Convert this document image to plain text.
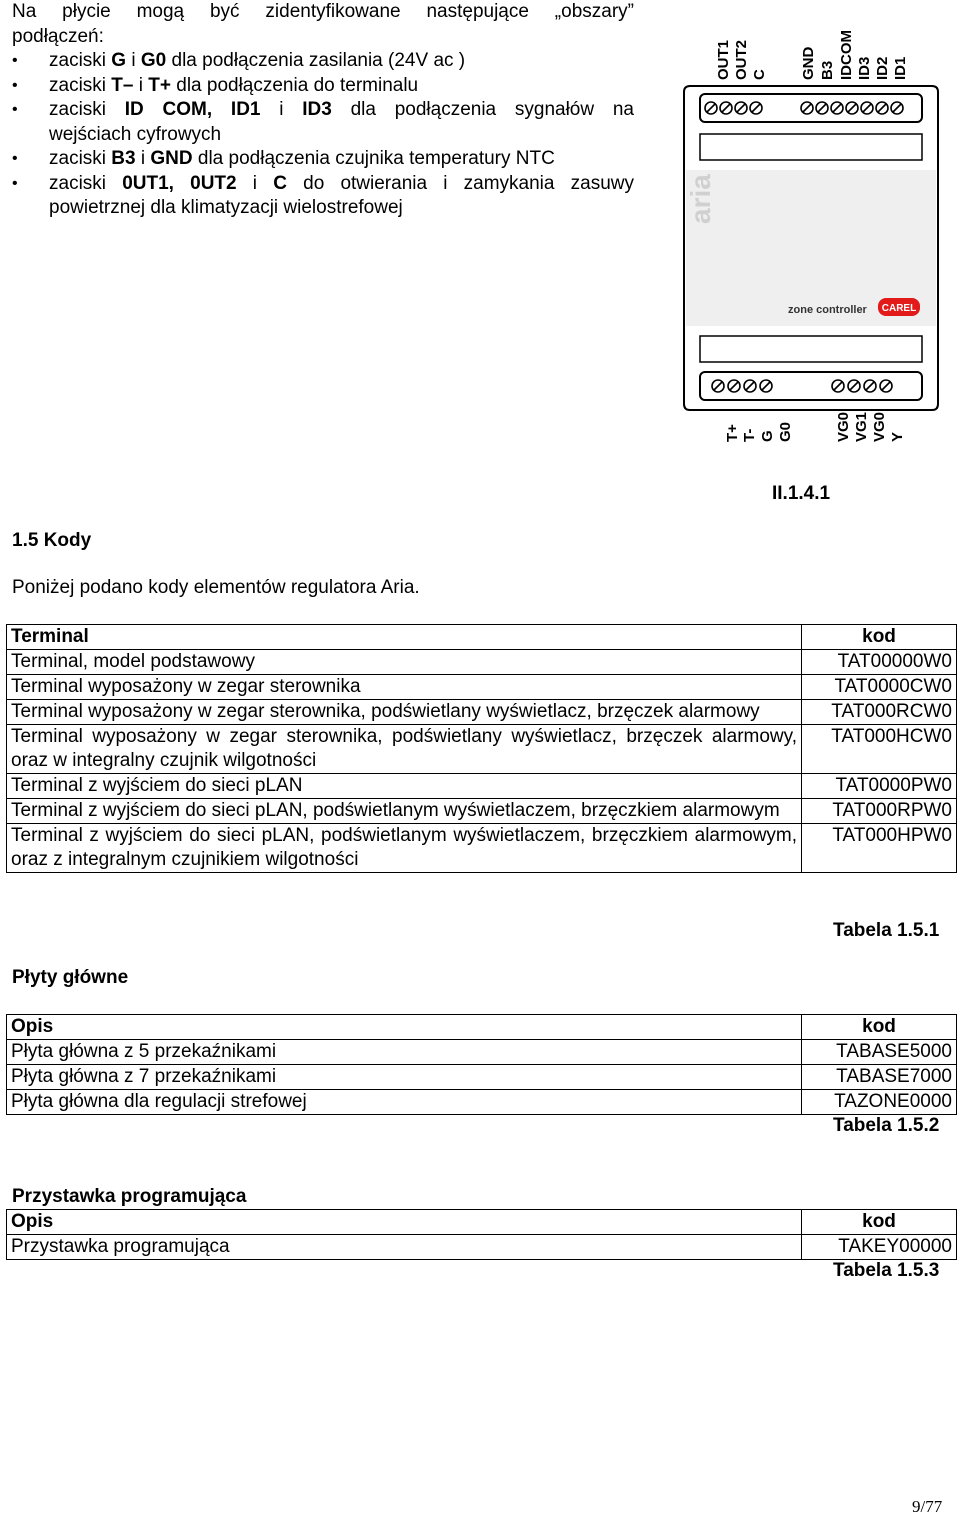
Na płycie mogą być zidentyfikowane następujące „obszary”
podłączeń:
• zaciski G i G0 dla podłączenia zasilania (24V ac )
• zaciski T– i T+ dla podłączenia do terminalu
• zaciski ID COM, ID1 i ID3 dla podłączenia sygnałów na
wejściach cyfrowych
• zaciski B3 i GND dla podłączenia czujnika temperatury NTC
• zaciski 0UT1, 0UT2 i C do otwierania i zamykania zasuwy
powietrznej dla klimatyzacji wielostrefowej
OUT1 OUT2 C GND B3 IDCOM ID3 ID2 ID1
aria
zone controller CAREL
T+ T- G G0	VG0 VG1 VG0 Y
II.1.4.1
1.5 Kody
Poniżej podano kody elementów regulatora Aria.
Terminal	kod
Terminal, model podstawowy	TAT00000W0
Terminal wyposażony w zegar sterownika	TAT0000CW0
Terminal wyposażony w zegar sterownika, podświetlany wyświetlacz, brzęczek alarmowy	TAT000RCW0
Terminal wyposażony w zegar sterownika, podświetlany wyświetlacz, brzęczek alarmowy, oraz w integralny czujnik wilgotności	TAT000HCW0
Terminal z wyjściem do sieci pLAN	TAT0000PW0
Terminal z wyjściem do sieci pLAN, podświetlanym wyświetlaczem, brzęczkiem alarmowym	TAT000RPW0
Terminal z wyjściem do sieci pLAN, podświetlanym wyświetlaczem, brzęczkiem alarmowym, oraz z integralnym czujnikiem wilgotności	TAT000HPW0
Tabela 1.5.1
Płyty główne
Opis	kod
Płyta główna z 5 przekaźnikami	TABASE5000
Płyta główna z 7 przekaźnikami	TABASE7000
Płyta główna dla regulacji strefowej	TAZONE0000
Tabela 1.5.2
Przystawka programująca
Opis	kod
Przystawka programująca	TAKEY00000
Tabela 1.5.3
9/77
